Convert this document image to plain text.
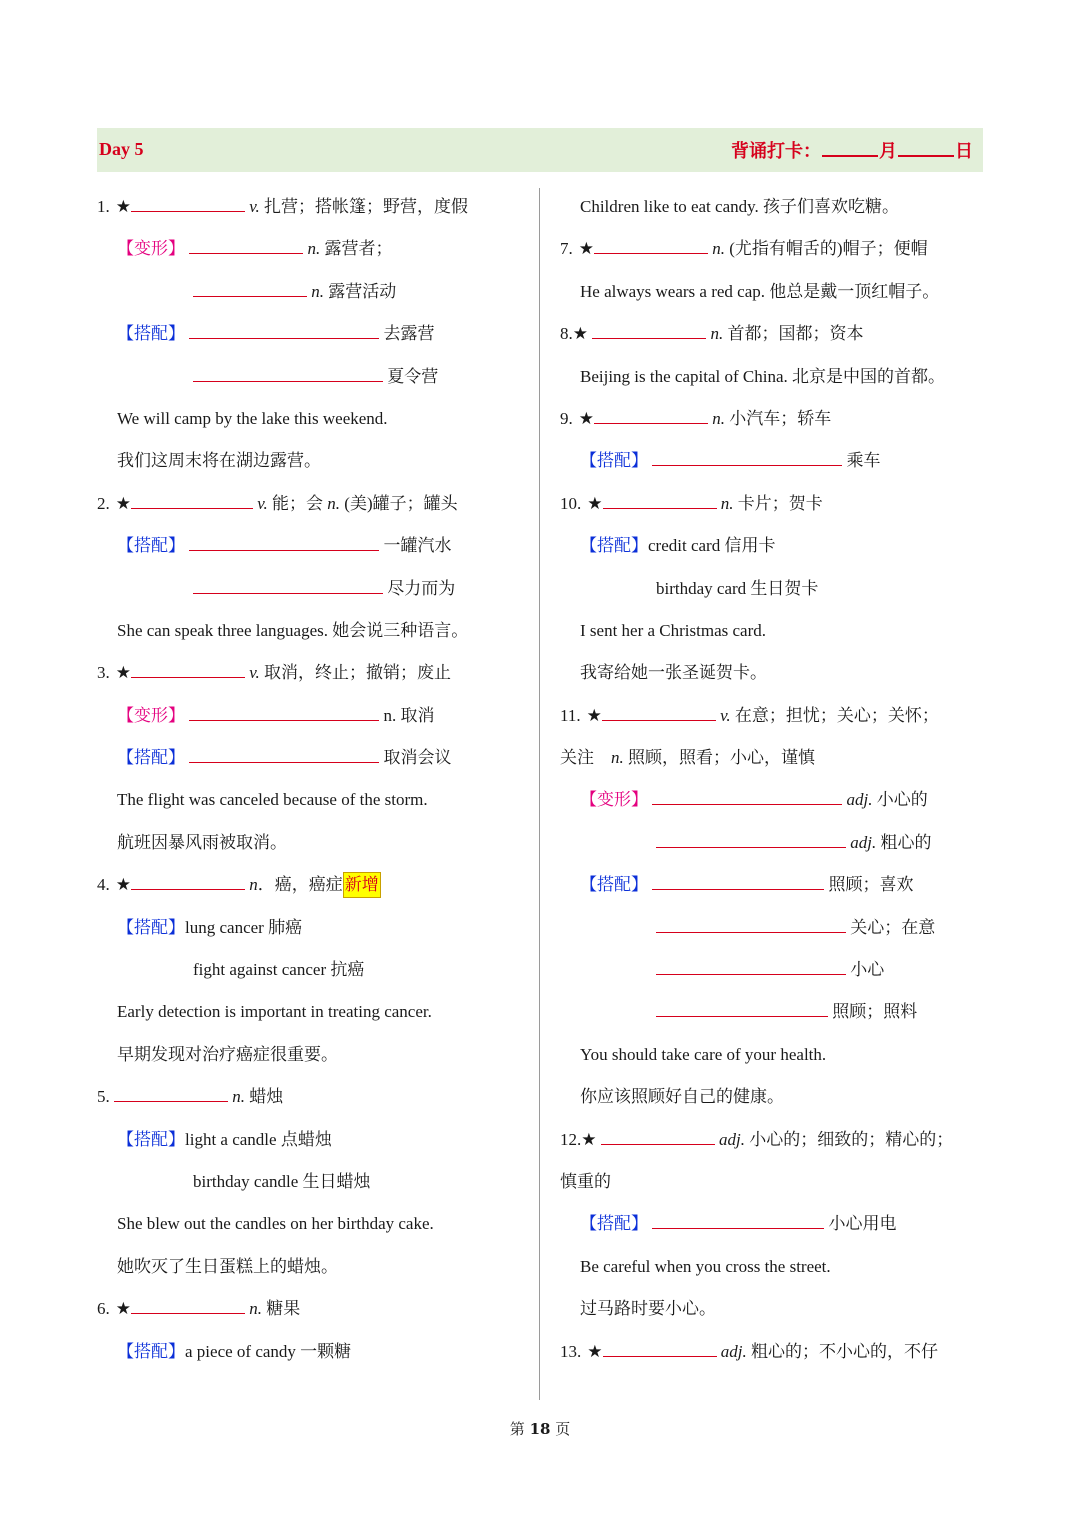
Day 5	背诵打卡：	月	日
1. ★	v. 扎营；搭帐篷；野营，度假
【变形】	n. 露营者；
n. 露营活动
【搭配】	去露营
夏令营
We will camp by the lake this weekend.
我们这周末将在湖边露营。
2. ★	v. 能；会 n. (美)罐子；罐头
【搭配】	一罐汽水
尽力而为
She can speak three languages. 她会说三种语言。
3. ★	v. 取消，终止；撤销；废止
【变形】	n. 取消
【搭配】	取消会议
The flight was canceled because of the storm.
航班因暴风雨被取消。
4. ★	n．癌，癌症 新增
【搭配】lung cancer 肺癌
fight against cancer 抗癌
Early detection is important in treating cancer.
早期发现对治疗癌症很重要。
5.	n. 蜡烛
【搭配】light a candle 点蜡烛
birthday candle 生日蜡烛
She blew out the candles on her birthday cake.
她吹灭了生日蛋糕上的蜡烛。
6. ★	n. 糖果
【搭配】a piece of candy 一颗糖
Children like to eat candy. 孩子们喜欢吃糖。
7. ★	n. (尤指有帽舌的)帽子；便帽
He always wears a red cap. 他总是戴一顶红帽子。
8.★	n. 首都；国都；资本
Beijing is the capital of China. 北京是中国的首都。
9. ★	n. 小汽车；轿车
【搭配】	乘车
10. ★	n. 卡片；贺卡
【搭配】credit card 信用卡
birthday card 生日贺卡
I sent her a Christmas card.
我寄给她一张圣诞贺卡。
11. ★	v. 在意；担忧；关心；关怀；
关注 n. 照顾，照看；小心，谨慎
【变形】	adj. 小心的
adj. 粗心的
【搭配】	照顾；喜欢
关心；在意
小心
照顾；照料
You should take care of your health.
你应该照顾好自己的健康。
12.★	adj. 小心的；细致的；精心的；
慎重的
【搭配】	小心用电
Be careful when you cross the street.
过马路时要小心。
13. ★	adj. 粗心的；不小心的，不仔
第 18 页
